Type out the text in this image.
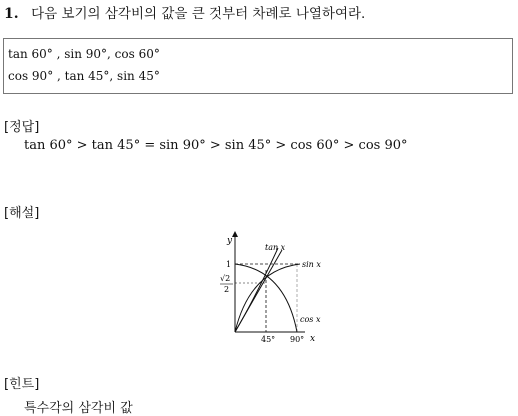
1. 다음 보기의 삼각비의 값을 큰 것부터 차례로 나열하여라.
tan 60° , sin 90°, cos 60°
cos 90° , tan 45°, sin 45°
[정답]
tan 60° > tan 45° = sin 90° > sin 45° > cos 60° > cos 90°
[해설]
y
x
1
√2
2
45° 90°
tan x
sin x
cos x
[힌트]
특수각의 삼각비 값
